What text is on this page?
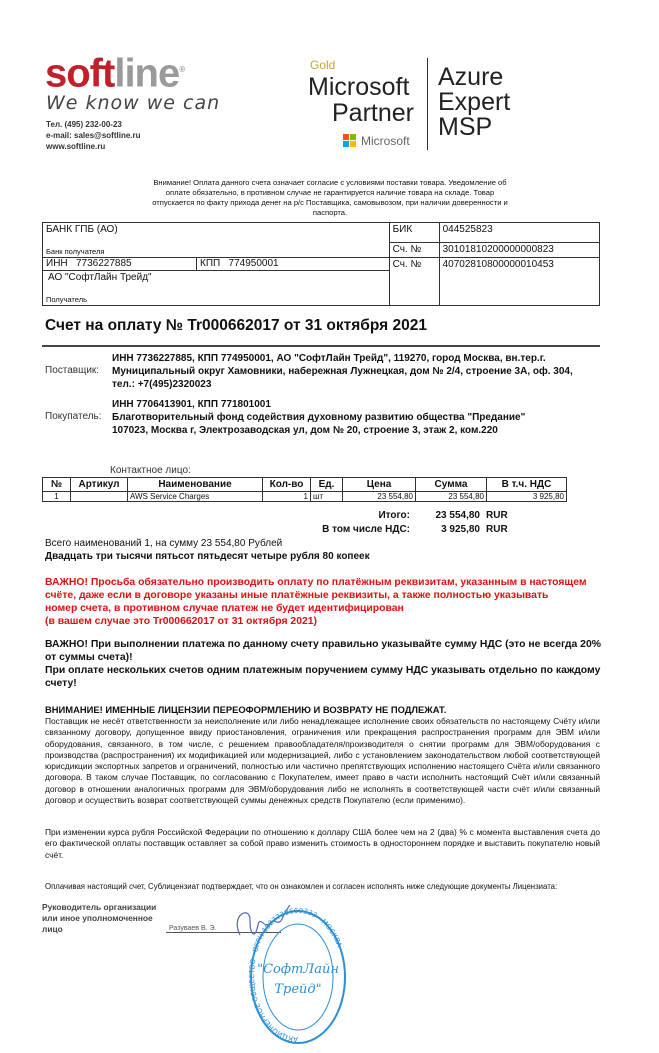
softline®
We know we can
Тел. (495) 232-00-23
e-mail: sales@softline.ru
www.softline.ru
Gold
Microsoft
Partner
Microsoft
Azure
Expert
MSP
Внимание! Оплата данного счета означает согласие с условиями поставки товара. Уведомление об оплате обязательно, в противном случае не гарантируется наличие товара на складе. Товар отпускается по факту прихода денег на р/с Поставщика, самовывозом, при наличии доверенности и паспорта.
БАНК ГПБ (АО)
Банк получателя		БИК	044525823
		Сч. №	30101810200000000823
ИНН 7736227885	КПП 774950001	Сч. №	40702810800000010453
АО "СофтЛайн Трейд"
Получатель			
Счет на оплату № Tr000662017 от 31 октября 2021
Поставщик:
ИНН 7736227885, КПП 774950001, АО "СофтЛайн Трейд", 119270, город Москва, вн.тер.г.
Муниципальный округ Хамовники, набережная Лужнецкая, дом № 2/4, строение 3А, оф. 304,
тел.: +7(495)2320023
Покупатель:
ИНН 7706413901, КПП 771801001
Благотворительный фонд содействия духовному развитию общества "Предание"
107023, Москва г, Электрозаводская ул, дом № 20, строение 3, этаж 2, ком.220
Контактное лицо:
№	Артикул	Наименование	Кол-во	Ед.	Цена	Сумма	В т.ч. НДС
1		AWS Service Charges	1	шт	23 554,80	23 554,80	3 925,80
Итого:	23 554,80 RUR
В том числе НДС:	3 925,80 RUR
Всего наименований 1, на сумму 23 554,80 Рублей
Двадцать три тысячи пятьсот пятьдесят четыре рубля 80 копеек
ВАЖНО! Просьба обязательно производить оплату по платёжным реквизитам, указанным в настоящем
счёте, даже если в договоре указаны иные платёжные реквизиты, а также полностью указывать
номер счета, в противном случае платеж не будет идентифицирован
(в вашем случае это Tr000662017 от 31 октября 2021)
ВАЖНО! При выполнении платежа по данному счету правильно указывайте сумму НДС (это не всегда 20% от суммы счета)!
При оплате нескольких счетов одним платежным поручением сумму НДС указывать отдельно по каждому счету!
ВНИМАНИЕ! ИМЕННЫЕ ЛИЦЕНЗИИ ПЕРЕОФОРМЛЕНИЮ И ВОЗВРАТУ НЕ ПОДЛЕЖАТ.
Поставщик не несёт ответственности за неисполнение или либо ненадлежащее исполнение своих обязательств по настоящему Счёту и/или связанному договору, допущенное ввиду приостановления, ограничения или прекращения распространения программ для ЭВМ и/или оборудования, связанного, в том числе, с решением правообладателя/производителя о снятии программ для ЭВМ/оборудования с производства (распространения) их модификацией или модернизацией, либо с установлением законодательством любой соответствующей юрисдикции экспортных запретов и ограничений, полностью или частично препятствующих исполнению настоящего Счёта и/или связанного договора. В таком случае Поставщик, по согласованию с Покупателем, имеет право в части исполнить настоящий Счёт и/или связанный договор в отношении аналогичных программ для ЭВМ/оборудования либо не исполнять в соответствующей части счёт и/или связанный договор и осуществить возврат соответствующей суммы денежных средств Покупателю (если применимо).
При изменении курса рубля Российской Федерации по отношению к доллару США более чем на 2 (два) % с момента выставления счета до его фактической оплаты поставщик оставляет за собой право изменить стоимость в одностороннем порядке и выставить покупателю новый счёт.
Оплачивая настоящий счет, Сублицензиат подтверждает, что он ознакомлен и согласен исполнять ниже следующие документы Лицензиата:
Руководитель организации или иное уполномоченное лицо	Разуваев В. Э.
АКЦИОНЕРНОЕ ОБЩЕСТВО · ОГРН 1027739669333 · МОСКВА ·
"СофтЛайн
Трейд"
